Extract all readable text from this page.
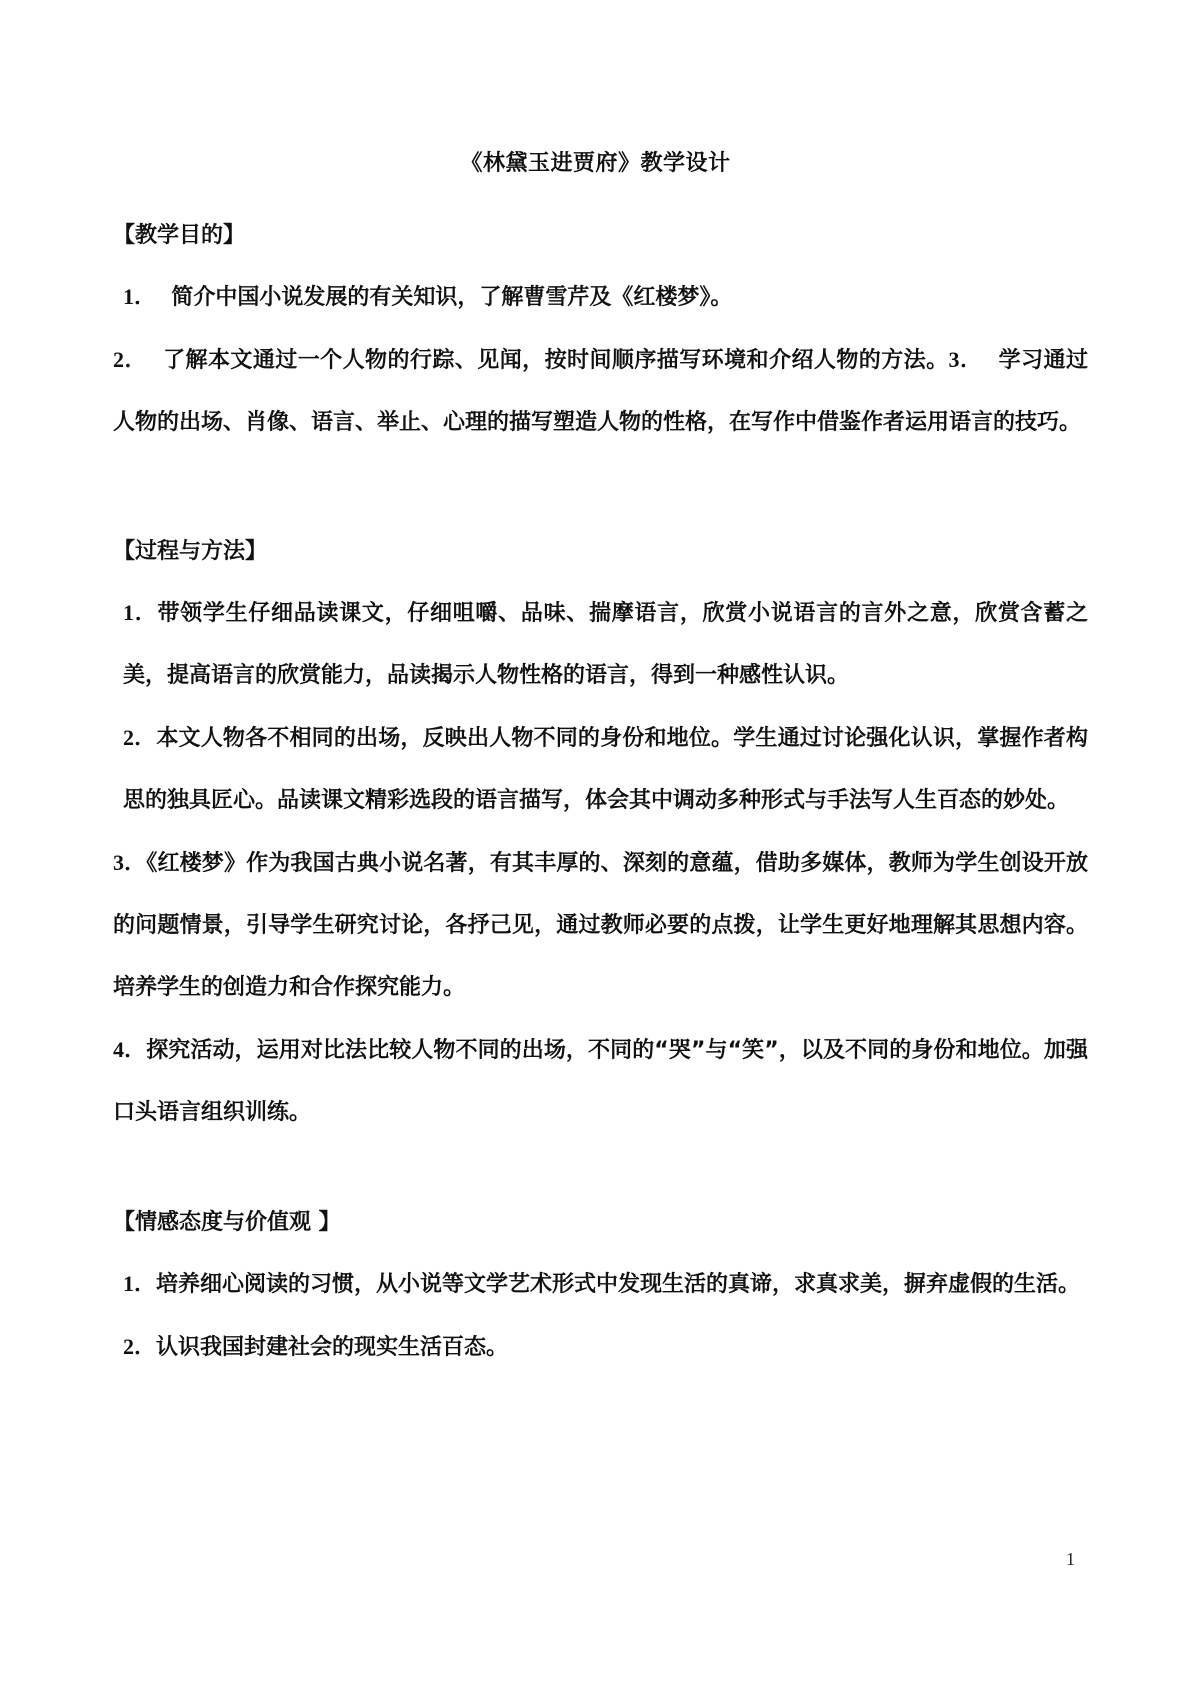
《林黛玉进贾府》教学设计
【教学目的】
1． 简介中国小说发展的有关知识，了解曹雪芹及《红楼梦》。
2． 了解本文通过一个人物的行踪、见闻，按时间顺序描写环境和介绍人物的方法。3． 学习通过人物的出场、肖像、语言、举止、心理的描写塑造人物的性格，在写作中借鉴作者运用语言的技巧。
【过程与方法】
1．带领学生仔细品读课文，仔细咀嚼、品味、揣摩语言，欣赏小说语言的言外之意，欣赏含蓄之美，提高语言的欣赏能力，品读揭示人物性格的语言，得到一种感性认识。
2．本文人物各不相同的出场，反映出人物不同的身份和地位。学生通过讨论强化认识，掌握作者构思的独具匠心。品读课文精彩选段的语言描写，体会其中调动多种形式与手法写人生百态的妙处。
3．《红楼梦》作为我国古典小说名著，有其丰厚的、深刻的意蕴，借助多媒体，教师为学生创设开放的问题情景，引导学生研究讨论，各抒己见，通过教师必要的点拨，让学生更好地理解其思想内容。培养学生的创造力和合作探究能力。
4．探究活动，运用对比法比较人物不同的出场，不同的“哭”与“笑”，以及不同的身份和地位。加强口头语言组织训练。
【情感态度与价值观 】
1．培养细心阅读的习惯，从小说等文学艺术形式中发现生活的真谛，求真求美，摒弃虚假的生活。
2．认识我国封建社会的现实生活百态。
1
